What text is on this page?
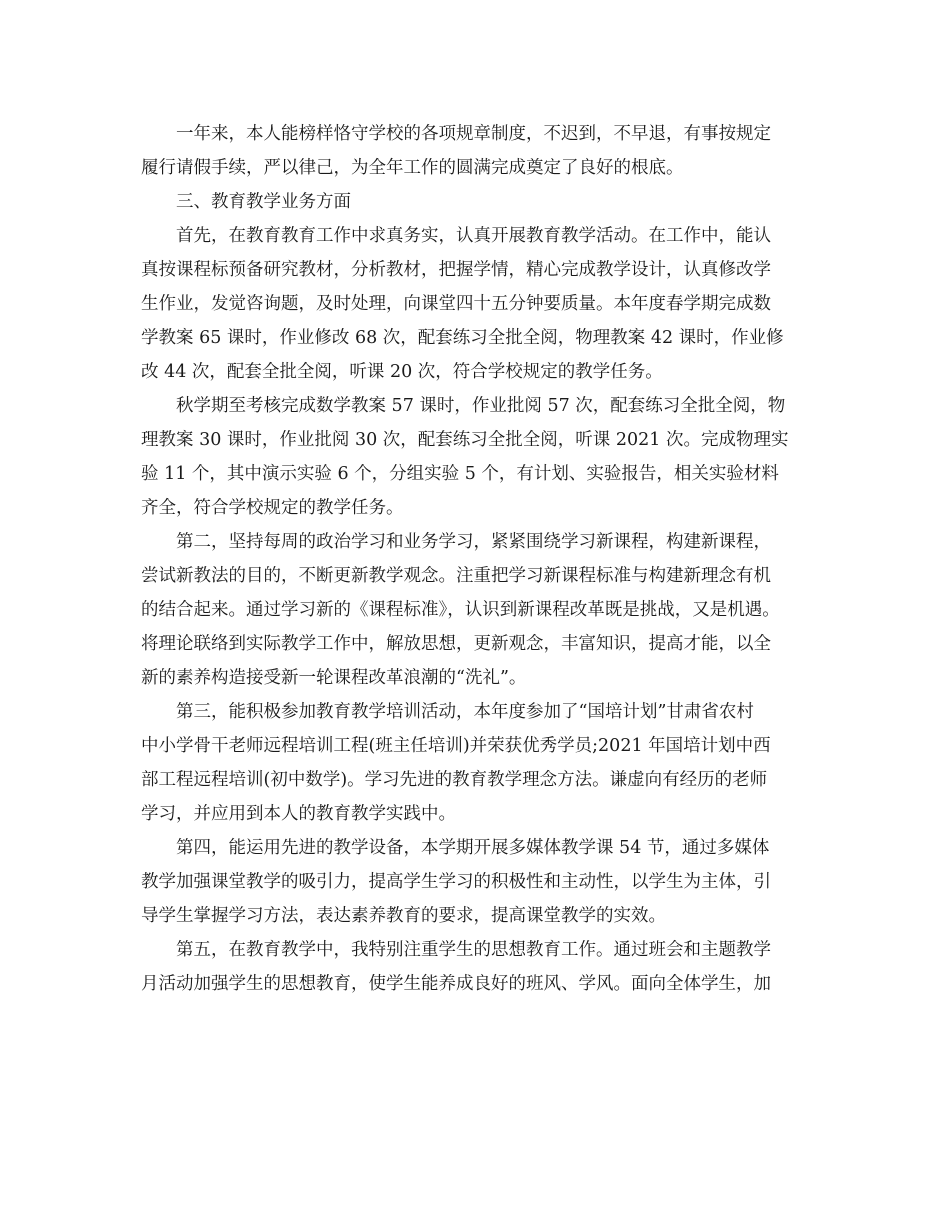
一年来，本人能榜样恪守学校的各项规章制度，不迟到，不早退，有事按规定
履行请假手续，严以律己，为全年工作的圆满完成奠定了良好的根底。
三、教育教学业务方面
首先，在教育教育工作中求真务实，认真开展教育教学活动。在工作中，能认
真按课程标预备研究教材，分析教材，把握学情，精心完成教学设计，认真修改学
生作业，发觉咨询题，及时处理，向课堂四十五分钟要质量。本年度春学期完成数
学教案 65 课时，作业修改 68 次，配套练习全批全阅，物理教案 42 课时，作业修
改 44 次，配套全批全阅，听课 20 次，符合学校规定的教学任务。
秋学期至考核完成数学教案 57 课时，作业批阅 57 次，配套练习全批全阅，物
理教案 30 课时，作业批阅 30 次，配套练习全批全阅，听课 2021 次。完成物理实
验 11 个，其中演示实验 6 个，分组实验 5 个，有计划、实验报告，相关实验材料
齐全，符合学校规定的教学任务。
第二，坚持每周的政治学习和业务学习，紧紧围绕学习新课程，构建新课程，
尝试新教法的目的，不断更新教学观念。注重把学习新课程标准与构建新理念有机
的结合起来。通过学习新的《课程标准》，认识到新课程改革既是挑战，又是机遇。
将理论联络到实际教学工作中，解放思想，更新观念，丰富知识，提高才能，以全
新的素养构造接受新一轮课程改革浪潮的“洗礼”。
第三，能积极参加教育教学培训活动，本年度参加了“国培计划”甘肃省农村
中小学骨干老师远程培训工程(班主任培训)并荣获优秀学员;2021 年国培计划中西
部工程远程培训(初中数学)。学习先进的教育教学理念方法。谦虚向有经历的老师
学习，并应用到本人的教育教学实践中。
第四，能运用先进的教学设备，本学期开展多媒体教学课 54 节，通过多媒体
教学加强课堂教学的吸引力，提高学生学习的积极性和主动性，以学生为主体，引
导学生掌握学习方法，表达素养教育的要求，提高课堂教学的实效。
第五，在教育教学中，我特别注重学生的思想教育工作。通过班会和主题教学
月活动加强学生的思想教育，使学生能养成良好的班风、学风。面向全体学生，加
